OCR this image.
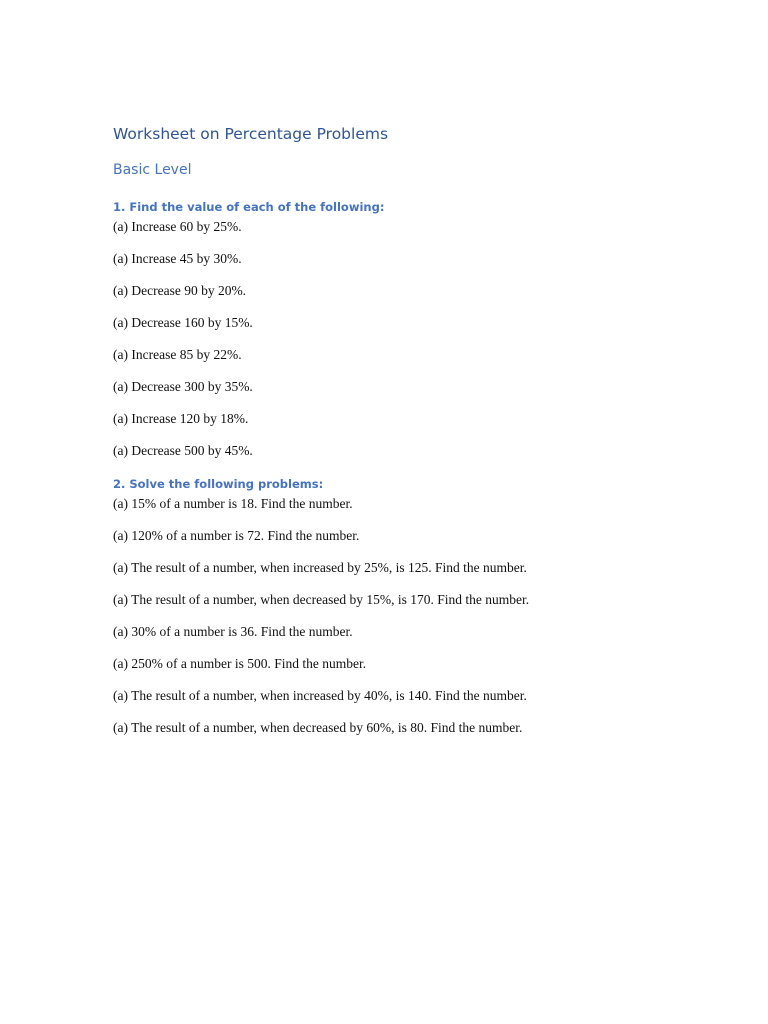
Worksheet on Percentage Problems
Basic Level
1. Find the value of each of the following:
(a) Increase 60 by 25%.
(a) Increase 45 by 30%.
(a) Decrease 90 by 20%.
(a) Decrease 160 by 15%.
(a) Increase 85 by 22%.
(a) Decrease 300 by 35%.
(a) Increase 120 by 18%.
(a) Decrease 500 by 45%.
2. Solve the following problems:
(a) 15% of a number is 18. Find the number.
(a) 120% of a number is 72. Find the number.
(a) The result of a number, when increased by 25%, is 125. Find the number.
(a) The result of a number, when decreased by 15%, is 170. Find the number.
(a) 30% of a number is 36. Find the number.
(a) 250% of a number is 500. Find the number.
(a) The result of a number, when increased by 40%, is 140. Find the number.
(a) The result of a number, when decreased by 60%, is 80. Find the number.
